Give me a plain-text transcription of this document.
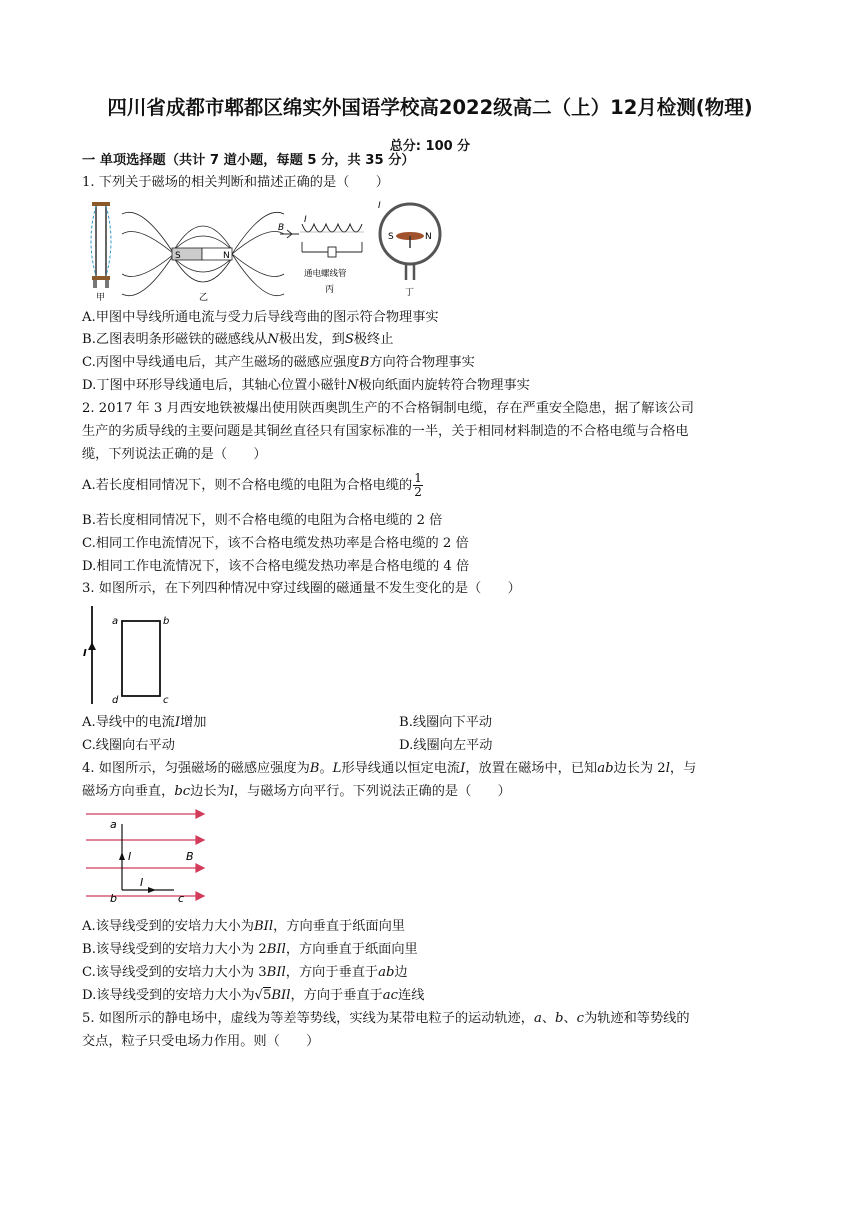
四川省成都市郫都区绵实外国语学校高2022级高二（上）12月检测(物理)
总分: 100 分
一 单项选择题（共计 7 道小题，每题 5 分，共 35 分）
1. 下列关于磁场的相关判断和描述正确的是（　　）
甲
S	N
乙
B
I
通电螺线管
丙
I
S	N
丁
A.甲图中导线所通电流与受力后导线弯曲的图示符合物理事实
B.乙图表明条形磁铁的磁感线从N极出发，到S极终止
C.丙图中导线通电后，其产生磁场的磁感应强度B方向符合物理事实
D.丁图中环形导线通电后，其轴心位置小磁针N极向纸面内旋转符合物理事实
2. 2017 年 3 月西安地铁被爆出使用陕西奥凯生产的不合格铜制电缆，存在严重安全隐患，据了解该公司
生产的劣质导线的主要问题是其铜丝直径只有国家标准的一半，关于相同材料制造的不合格电缆与合格电
缆，下列说法正确的是（　　）
A.若长度相同情况下，则不合格电缆的电阻为合格电缆的 $\frac{1}{2}$
B.若长度相同情况下，则不合格电缆的电阻为合格电缆的 2 倍
C.相同工作电流情况下，该不合格电缆发热功率是合格电缆的 2 倍
D.相同工作电流情况下，该不合格电缆发热功率是合格电缆的 4 倍
3. 如图所示，在下列四种情况中穿过线圈的磁通量不发生变化的是（　　）
I
a	b
c
d
A.导线中的电流I增加	B.线圈向下平动
C.线圈向右平动	D.线圈向左平动
4. 如图所示，匀强磁场的磁感应强度为B。L形导线通以恒定电流I，放置在磁场中，已知ab边长为 2l，与
磁场方向垂直，bc边长为l，与磁场方向平行。下列说法正确的是（　　）
a
b	c
I
I
B
A.该导线受到的安培力大小为BIl，方向垂直于纸面向里
B.该导线受到的安培力大小为 2BIl，方向垂直于纸面向里
C.该导线受到的安培力大小为 3BIl，方向于垂直于ab边
D.该导线受到的安培力大小为√5BIl，方向于垂直于ac连线
5. 如图所示的静电场中，虚线为等差等势线，实线为某带电粒子的运动轨迹，a、b、c为轨迹和等势线的
交点，粒子只受电场力作用。则（　　）
